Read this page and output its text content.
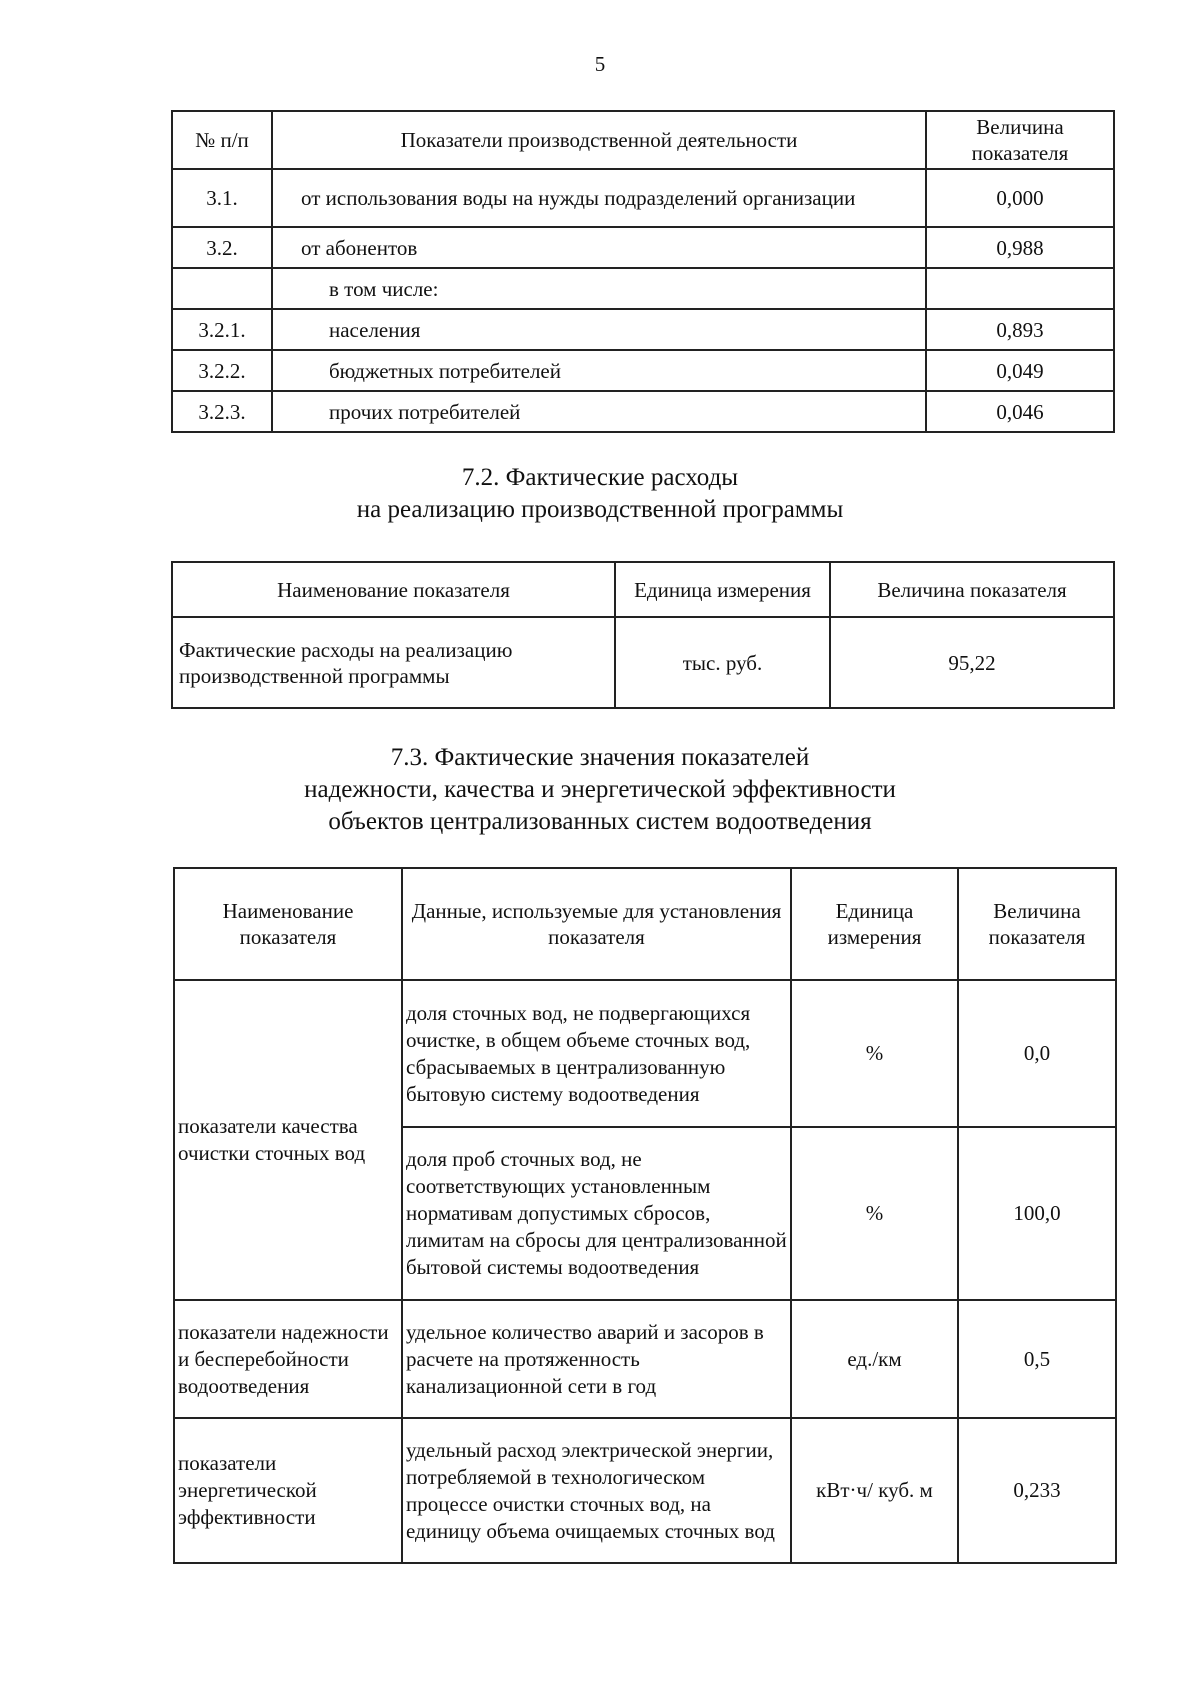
5
№ п/п	Показатели производственной деятельности	Величина показателя
3.1.	от использования воды на нужды подразделений организации	0,000
3.2.	от абонентов	0,988
	в том числе:	
3.2.1.	населения	0,893
3.2.2.	бюджетных потребителей	0,049
3.2.3.	прочих потребителей	0,046
7.2. Фактические расходы
на реализацию производственной программы
Наименование показателя	Единица измерения	Величина показателя
Фактические расходы на реализацию производственной программы	тыс. руб.	95,22
7.3. Фактические значения показателей
надежности, качества и энергетической эффективности
объектов централизованных систем водоотведения
Наименование показателя	Данные, используемые для установления показателя	Единица измерения	Величина показателя
показатели качества очистки сточных вод	доля сточных вод, не подвергающихся очистке, в общем объеме сточных вод, сбрасываемых в централизованную бытовую систему водоотведения	%	0,0
	доля проб сточных вод, не соответствующих установленным нормативам допустимых сбросов, лимитам на сбросы для централизованной бытовой системы водоотведения	%	100,0
показатели надежности и бесперебойности водоотведения	удельное количество аварий и засоров в расчете на протяженность канализационной сети в год	ед./км	0,5
показатели энергетической эффективности	удельный расход электрической энергии, потребляемой в технологическом процессе очистки сточных вод, на единицу объема очищаемых сточных вод	кВт·ч/ куб. м	0,233
